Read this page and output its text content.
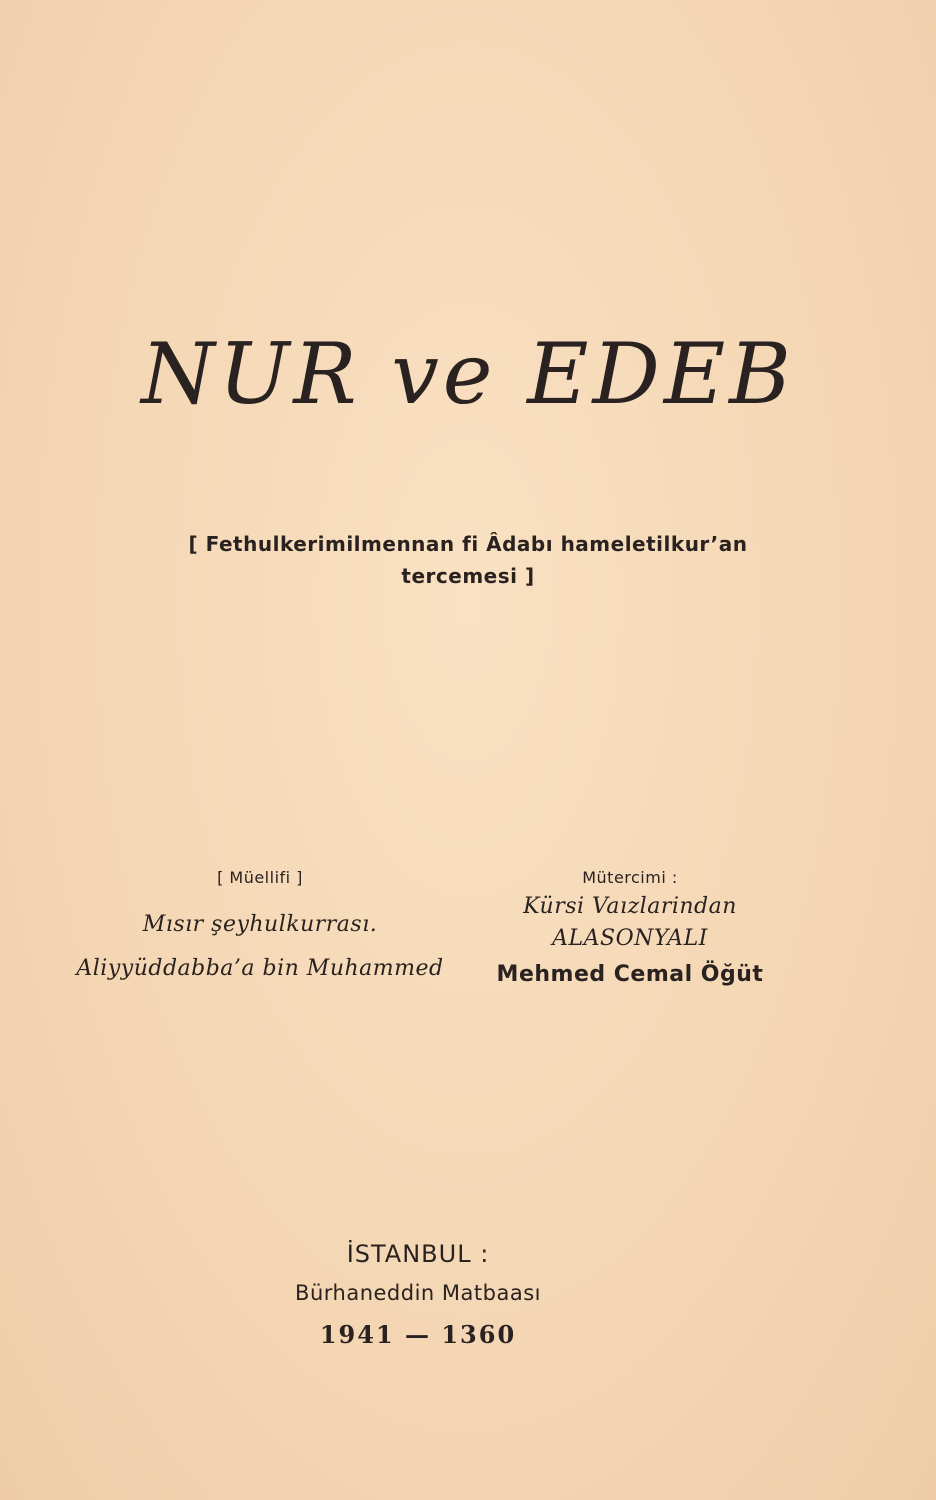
NUR ve EDEB
[ Fethulkerimilmennan fi Âdabı hameletilkur’an
tercemesi ]
[ Müellifi ]
Mısır şeyhulkurrası.
Aliyyüddabba’a bin Muhammed
Mütercimi :
Kürsi Vaızlarindan
ALASONYALI
Mehmed Cemal Öğüt
İSTANBUL :
Bürhaneddin Matbaası
1941 — 1360
